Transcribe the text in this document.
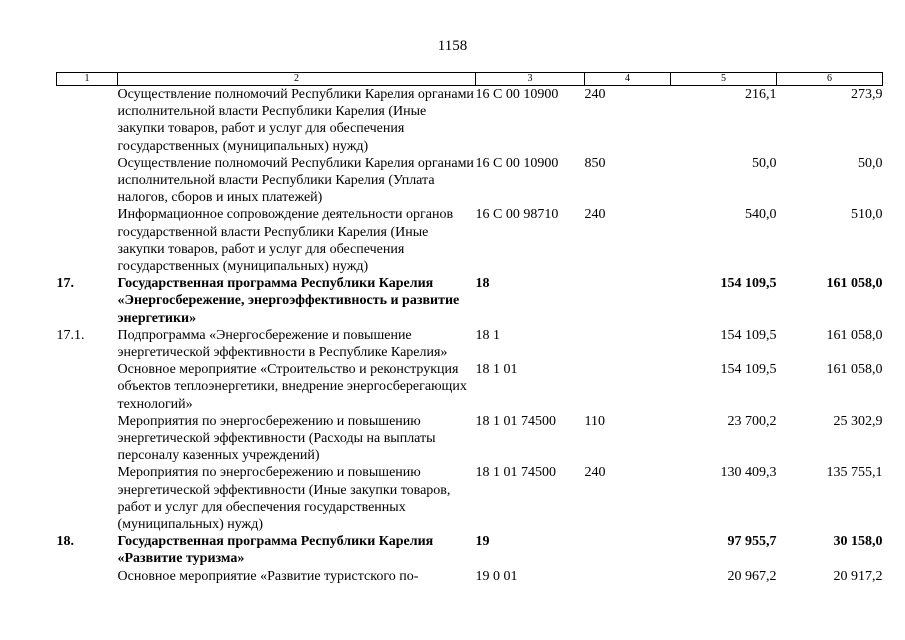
1158
1	2	3	4	5	6
	Осуществление полномочий Республики Карелия органами исполнительной власти Республики Карелия (Иные закупки товаров, работ и услуг для обеспечения государственных (муниципальных) нужд)	16 С 00 10900	240	216,1	273,9
	Осуществление полномочий Республики Карелия органами исполнительной власти Республики Карелия (Уплата налогов, сборов и иных платежей)	16 С 00 10900	850	50,0	50,0
	Информационное сопровождение деятельности органов государственной власти Республики Карелия (Иные закупки товаров, работ и услуг для обеспечения государственных (муниципальных) нужд)	16 С 00 98710	240	540,0	510,0
17.	Государственная программа Республики Карелия «Энергосбережение, энергоэффективность и развитие энергетики»	18		154 109,5	161 058,0
17.1.	Подпрограмма «Энергосбережение и повышение энергетической эффективности в Республике Карелия»	18 1		154 109,5	161 058,0
	Основное мероприятие «Строительство и реконструкция объектов теплоэнергетики, внедрение энергосберегающих технологий»	18 1 01		154 109,5	161 058,0
	Мероприятия по энергосбережению и повышению энергетической эффективности (Расходы на выплаты персоналу казенных учреждений)	18 1 01 74500	110	23 700,2	25 302,9
	Мероприятия по энергосбережению и повышению энергетической эффективности (Иные закупки товаров, работ и услуг для обеспечения государственных (муниципальных) нужд)	18 1 01 74500	240	130 409,3	135 755,1
18.	Государственная программа Республики Карелия «Развитие туризма»	19		97 955,7	30 158,0
	Основное мероприятие «Развитие туристского по-	19 0 01		20 967,2	20 917,2
